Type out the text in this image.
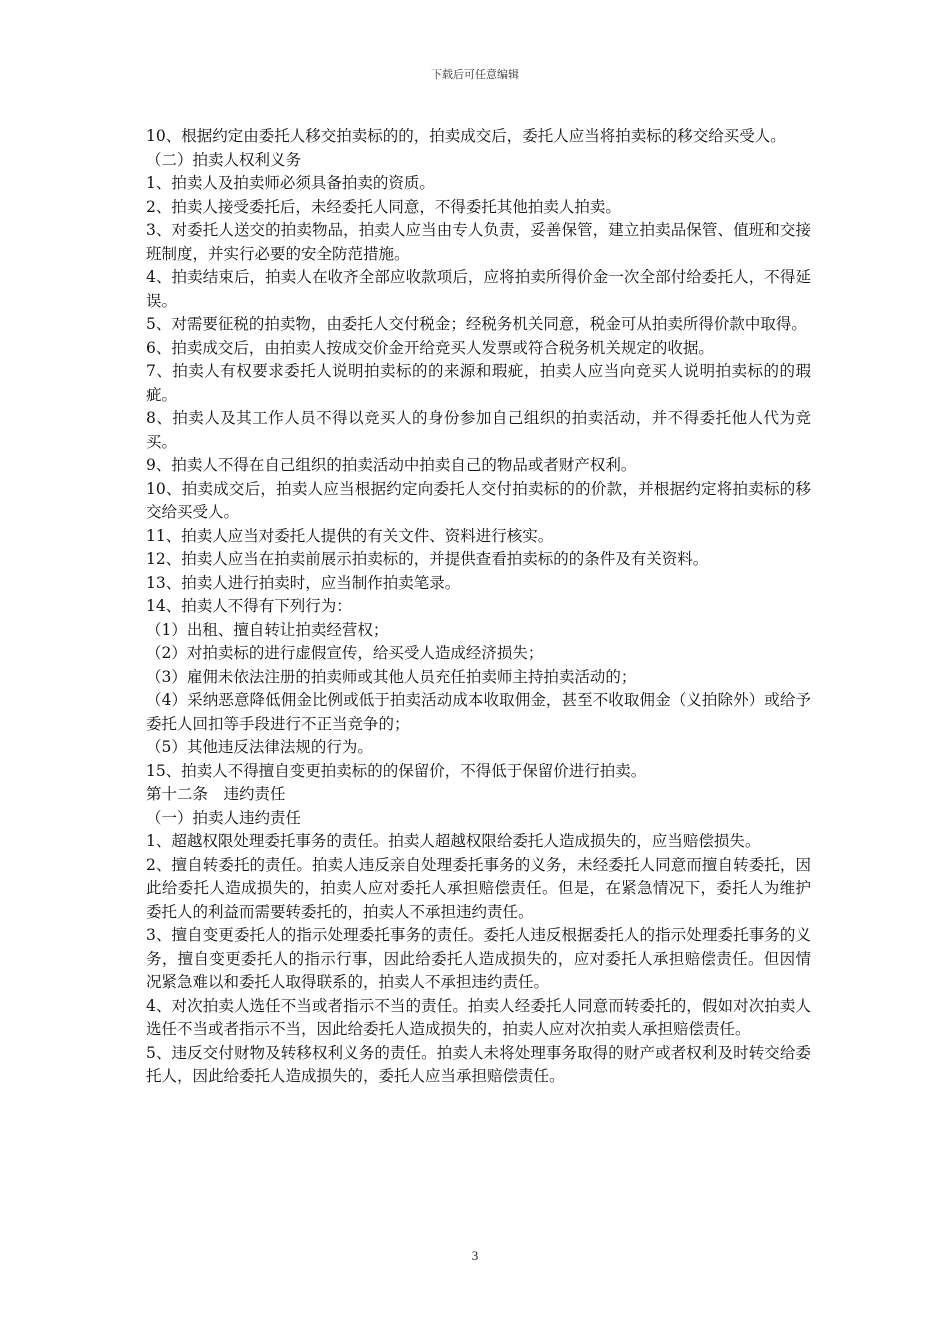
下载后可任意编辑

10、根据约定由委托人移交拍卖标的的，拍卖成交后，委托人应当将拍卖标的移交给买受人。

（二）拍卖人权利义务

1、拍卖人及拍卖师必须具备拍卖的资质。

2、拍卖人接受委托后，未经委托人同意，不得委托其他拍卖人拍卖。

3、对委托人送交的拍卖物品，拍卖人应当由专人负责，妥善保管，建立拍卖品保管、值班和交接班制度，并实行必要的安全防范措施。

4、拍卖结束后，拍卖人在收齐全部应收款项后，应将拍卖所得价金一次全部付给委托人，不得延误。

5、对需要征税的拍卖物，由委托人交付税金；经税务机关同意，税金可从拍卖所得价款中取得。

6、拍卖成交后，由拍卖人按成交价金开给竞买人发票或符合税务机关规定的收据。

7、拍卖人有权要求委托人说明拍卖标的的来源和瑕疵，拍卖人应当向竞买人说明拍卖标的的瑕疵。

8、拍卖人及其工作人员不得以竞买人的身份参加自己组织的拍卖活动，并不得委托他人代为竞买。

9、拍卖人不得在自己组织的拍卖活动中拍卖自己的物品或者财产权利。

10、拍卖成交后，拍卖人应当根据约定向委托人交付拍卖标的的价款，并根据约定将拍卖标的移交给买受人。

11、拍卖人应当对委托人提供的有关文件、资料进行核实。

12、拍卖人应当在拍卖前展示拍卖标的，并提供查看拍卖标的的条件及有关资料。

13、拍卖人进行拍卖时，应当制作拍卖笔录。

14、拍卖人不得有下列行为：

（1）出租、擅自转让拍卖经营权；

（2）对拍卖标的进行虚假宣传，给买受人造成经济损失；

（3）雇佣未依法注册的拍卖师或其他人员充任拍卖师主持拍卖活动的；

（4）采纳恶意降低佣金比例或低于拍卖活动成本收取佣金，甚至不收取佣金（义拍除外）或给予委托人回扣等手段进行不正当竞争的；

（5）其他违反法律法规的行为。

15、拍卖人不得擅自变更拍卖标的的保留价，不得低于保留价进行拍卖。

第十二条　违约责任

（一）拍卖人违约责任

1、超越权限处理委托事务的责任。拍卖人超越权限给委托人造成损失的，应当赔偿损失。

2、擅自转委托的责任。拍卖人违反亲自处理委托事务的义务，未经委托人同意而擅自转委托，因此给委托人造成损失的，拍卖人应对委托人承担赔偿责任。但是，在紧急情况下，委托人为维护委托人的利益而需要转委托的，拍卖人不承担违约责任。

3、擅自变更委托人的指示处理委托事务的责任。委托人违反根据委托人的指示处理委托事务的义务，擅自变更委托人的指示行事，因此给委托人造成损失的，应对委托人承担赔偿责任。但因情况紧急难以和委托人取得联系的，拍卖人不承担违约责任。

4、对次拍卖人选任不当或者指示不当的责任。拍卖人经委托人同意而转委托的，假如对次拍卖人选任不当或者指示不当，因此给委托人造成损失的，拍卖人应对次拍卖人承担赔偿责任。

5、违反交付财物及转移权利义务的责任。拍卖人未将处理事务取得的财产或者权利及时转交给委托人，因此给委托人造成损失的，委托人应当承担赔偿责任。

3
